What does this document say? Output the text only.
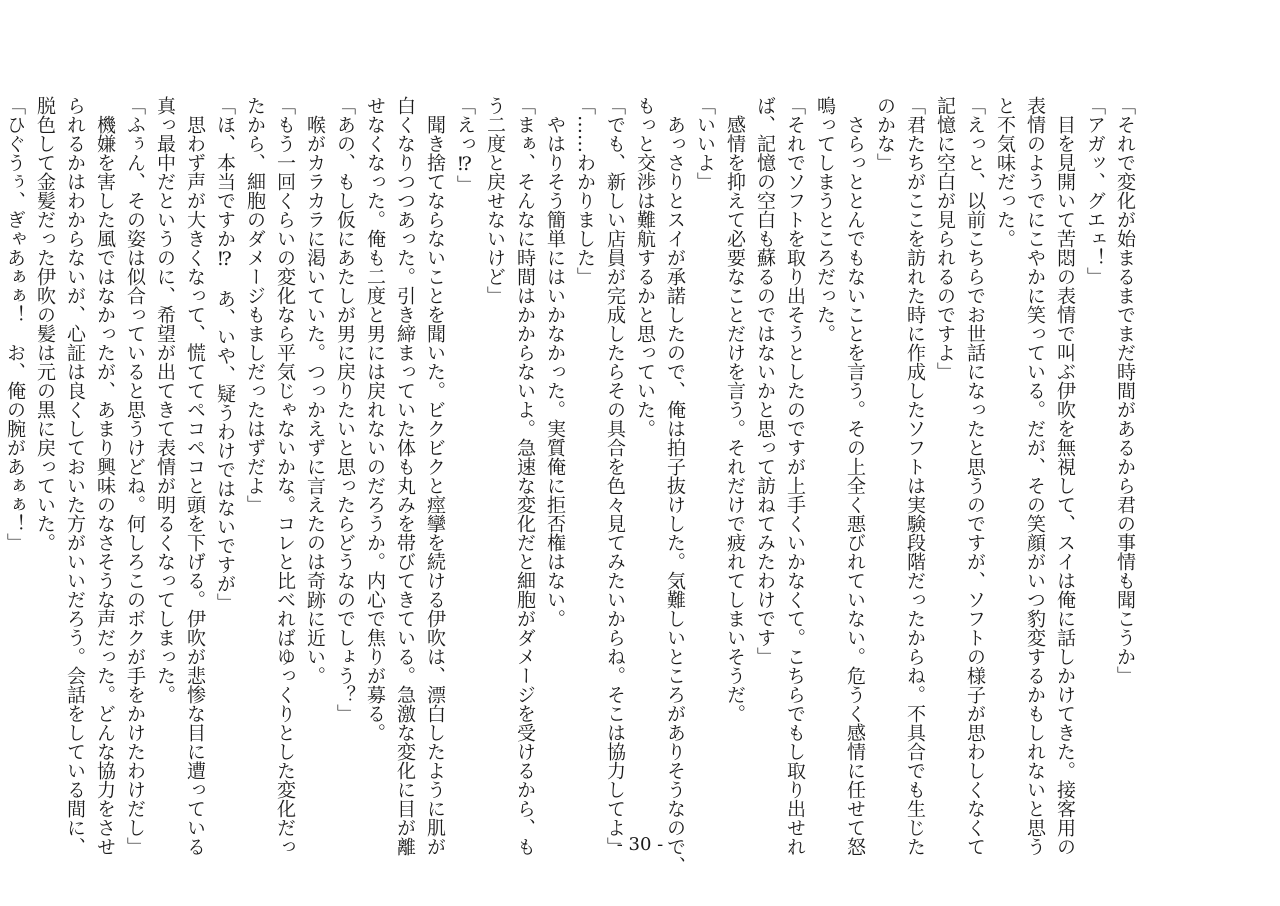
「それで変化が始まるまでまだ時間があるから君の事情も聞こうか」
「アガッ、グエェ！」
　目を見開いて苦悶の表情で叫ぶ伊吹を無視して、スイは俺に話しかけてきた。接客用の
表情のようでにこやかに笑っている。だが、その笑顔がいつ豹変するかもしれないと思う
と不気味だった。
「えっと、以前こちらでお世話になったと思うのですが、ソフトの様子が思わしくなくて
記憶に空白が見られるのですよ」
「君たちがここを訪れた時に作成したソフトは実験段階だったからね。不具合でも生じた
のかな」
　さらっととんでもないことを言う。その上全く悪びれていない。危うく感情に任せて怒
鳴ってしまうところだった。
「それでソフトを取り出そうとしたのですが上手くいかなくて。こちらでもし取り出せれ
ば、記憶の空白も蘇るのではないかと思って訪ねてみたわけです」
　感情を抑えて必要なことだけを言う。それだけで疲れてしまいそうだ。
「いいよ」
　あっさりとスイが承諾したので、俺は拍子抜けした。気難しいところがありそうなので、
もっと交渉は難航するかと思っていた。
「でも、新しい店員が完成したらその具合を色々見てみたいからね。そこは協力してよ」
「……わかりました」
　やはりそう簡単にはいかなかった。実質俺に拒否権はない。
「まぁ、そんなに時間はかからないよ。急速な変化だと細胞がダメージを受けるから、も
う二度と戻せないけど」
「えっ⁉」
　聞き捨てならないことを聞いた。ビクビクと痙攣を続ける伊吹は、漂白したように肌が
白くなりつつあった。引き締まっていた体も丸みを帯びてきている。急激な変化に目が離
せなくなった。俺も二度と男には戻れないのだろうか。内心で焦りが募る。
「あの、もし仮にあたしが男に戻りたいと思ったらどうなのでしょう？」
　喉がカラカラに渇いていた。つっかえずに言えたのは奇跡に近い。
「もう一回くらいの変化なら平気じゃないかな。コレと比べればゆっくりとした変化だっ
たから、細胞のダメージもましだったはずだよ」
「ほ、本当ですか⁉　あ、いや、疑うわけではないですが」
　思わず声が大きくなって、慌ててペコペコと頭を下げる。伊吹が悲惨な目に遭っている
真っ最中だというのに、希望が出てきて表情が明るくなってしまった。
「ふぅん、その姿は似合っていると思うけどね。何しろこのボクが手をかけたわけだし」
　機嫌を害した風ではなかったが、あまり興味のなさそうな声だった。どんな協力をさせ
られるかはわからないが、心証は良くしておいた方がいいだろう。会話をしている間に、
脱色して金髪だった伊吹の髪は元の黒に戻っていた。
「ひぐうぅ、ぎゃあぁぁ！　お、俺の腕があぁぁ！」
- 30 -
